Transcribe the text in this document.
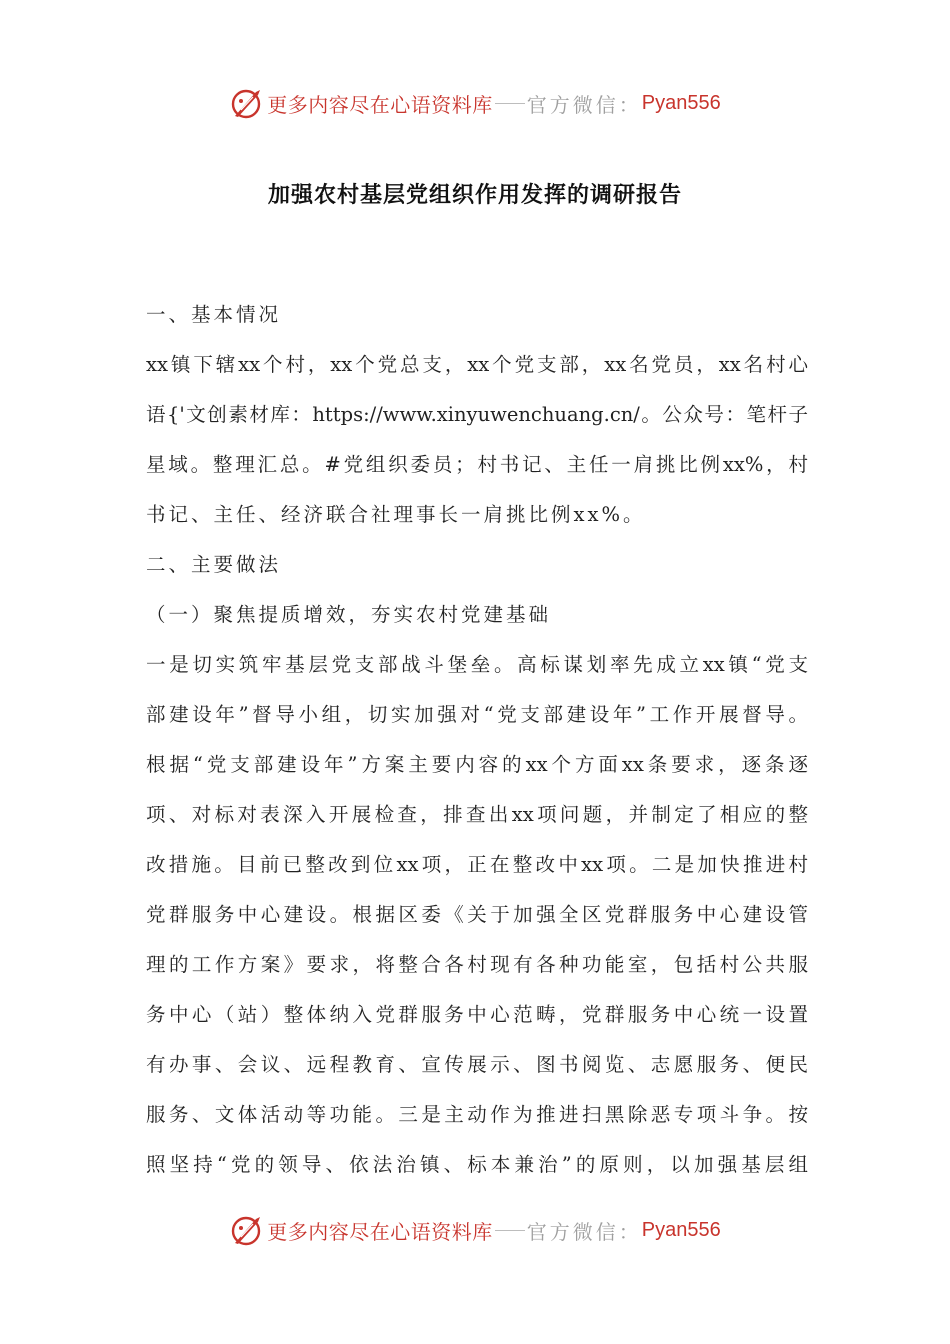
更多内容尽在心语资料库 官方微信： Pyan556
加强农村基层党组织作用发挥的调研报告
一、基本情况
xx镇下辖xx个村，xx个党总支，xx个党支部，xx名党员，xx名村心
语{'文创素材库：https://www.xinyuwenchuang.cn/。公众号：笔杆子
星域。整理汇总。#党组织委员；村书记、主任一肩挑比例xx%，村
书记、主任、经济联合社理事长一肩挑比例xx%。
二、主要做法
（一）聚焦提质增效，夯实农村党建基础
一是切实筑牢基层党支部战斗堡垒。高标谋划率先成立xx镇“党支
部建设年”督导小组，切实加强对“党支部建设年”工作开展督导。
根据“党支部建设年”方案主要内容的xx个方面xx条要求，逐条逐
项、对标对表深入开展检查，排查出xx项问题，并制定了相应的整
改措施。目前已整改到位xx项，正在整改中xx项。二是加快推进村
党群服务中心建设。根据区委《关于加强全区党群服务中心建设管
理的工作方案》要求，将整合各村现有各种功能室，包括村公共服
务中心（站）整体纳入党群服务中心范畴，党群服务中心统一设置
有办事、会议、远程教育、宣传展示、图书阅览、志愿服务、便民
服务、文体活动等功能。三是主动作为推进扫黑除恶专项斗争。按
照坚持“党的领导、依法治镇、标本兼治”的原则，以加强基层组
更多内容尽在心语资料库 官方微信： Pyan556
